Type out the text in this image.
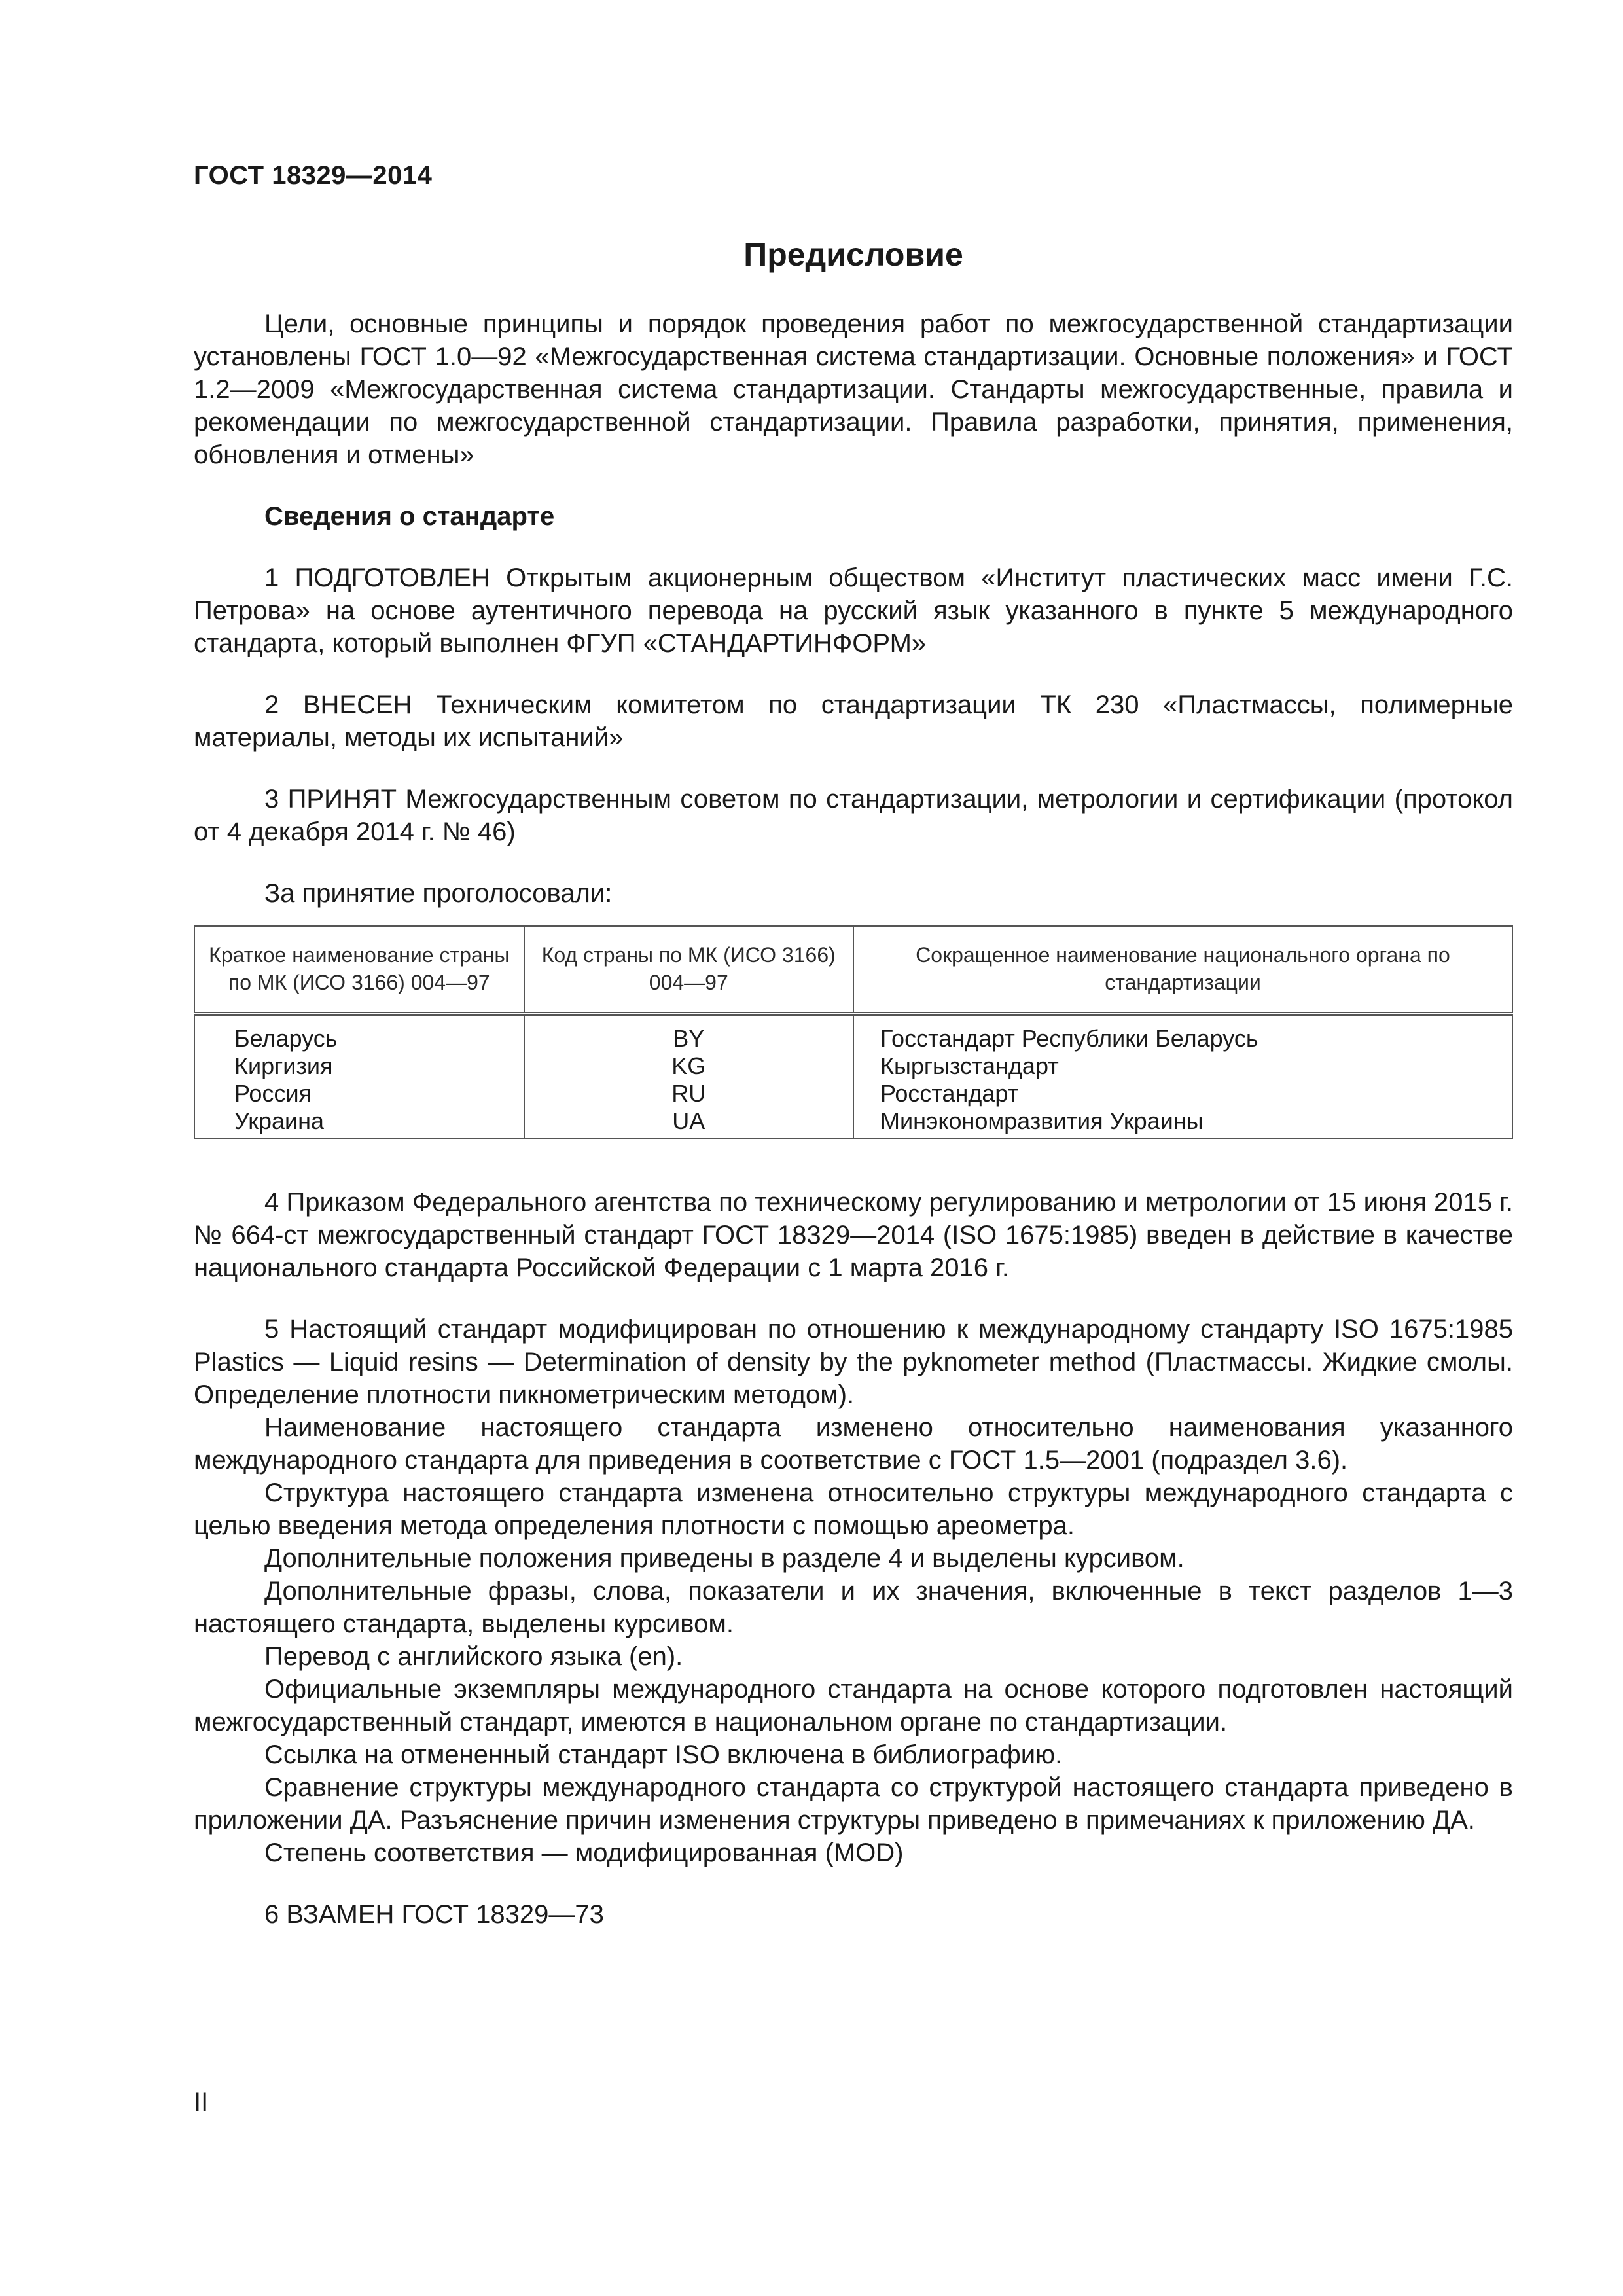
ГОСТ 18329—2014
Предисловие

Цели, основные принципы и порядок проведения работ по межгосударственной стандартизации установлены ГОСТ 1.0—92 «Межгосударственная система стандартизации. Основные положения» и ГОСТ 1.2—2009 «Межгосударственная система стандартизации. Стандарты межгосударственные, правила и рекомендации по межгосударственной стандартизации. Правила разработки, принятия, применения, обновления и отмены»

Сведения о стандарте

1 ПОДГОТОВЛЕН Открытым акционерным обществом «Институт пластических масс имени Г.С. Петрова» на основе аутентичного перевода на русский язык указанного в пункте 5 международного стандарта, который выполнен ФГУП «СТАНДАРТИНФОРМ»

2 ВНЕСЕН Техническим комитетом по стандартизации ТК 230 «Пластмассы, полимерные материалы, методы их испытаний»

3 ПРИНЯТ Межгосударственным советом по стандартизации, метрологии и сертификации (протокол от 4 декабря 2014 г. № 46)

За принятие проголосовали:

Краткое наименование страны по МК (ИСО 3166) 004—97	Код страны по МК (ИСО 3166) 004—97	Сокращенное наименование национального органа по стандартизации
Беларусь	BY	Госстандарт Республики Беларусь
Киргизия	KG	Кыргызстандарт
Россия	RU	Росстандарт
Украина	UA	Минэкономразвития Украины

4 Приказом Федерального агентства по техническому регулированию и метрологии от 15 июня 2015 г. № 664-ст межгосударственный стандарт ГОСТ 18329—2014 (ISO 1675:1985) введен в действие в качестве национального стандарта Российской Федерации с 1 марта 2016 г.

5 Настоящий стандарт модифицирован по отношению к международному стандарту ISO 1675:1985 Plastics — Liquid resins — Determination of density by the pyknometer method (Пластмассы. Жидкие смолы. Определение плотности пикнометрическим методом).

Наименование настоящего стандарта изменено относительно наименования указанного международного стандарта для приведения в соответствие с ГОСТ 1.5—2001 (подраздел 3.6).

Структура настоящего стандарта изменена относительно структуры международного стандарта с целью введения метода определения плотности с помощью ареометра.

Дополнительные положения приведены в разделе 4 и выделены курсивом.

Дополнительные фразы, слова, показатели и их значения, включенные в текст разделов 1—3 настоящего стандарта, выделены курсивом.

Перевод с английского языка (en).

Официальные экземпляры международного стандарта на основе которого подготовлен настоящий межгосударственный стандарт, имеются в национальном органе по стандартизации.

Ссылка на отмененный стандарт ISO включена в библиографию.

Сравнение структуры международного стандарта со структурой настоящего стандарта приведено в приложении ДА. Разъяснение причин изменения структуры приведено в примечаниях к приложению ДА.

Степень соответствия — модифицированная (MOD)

6 ВЗАМЕН ГОСТ 18329—73

II
